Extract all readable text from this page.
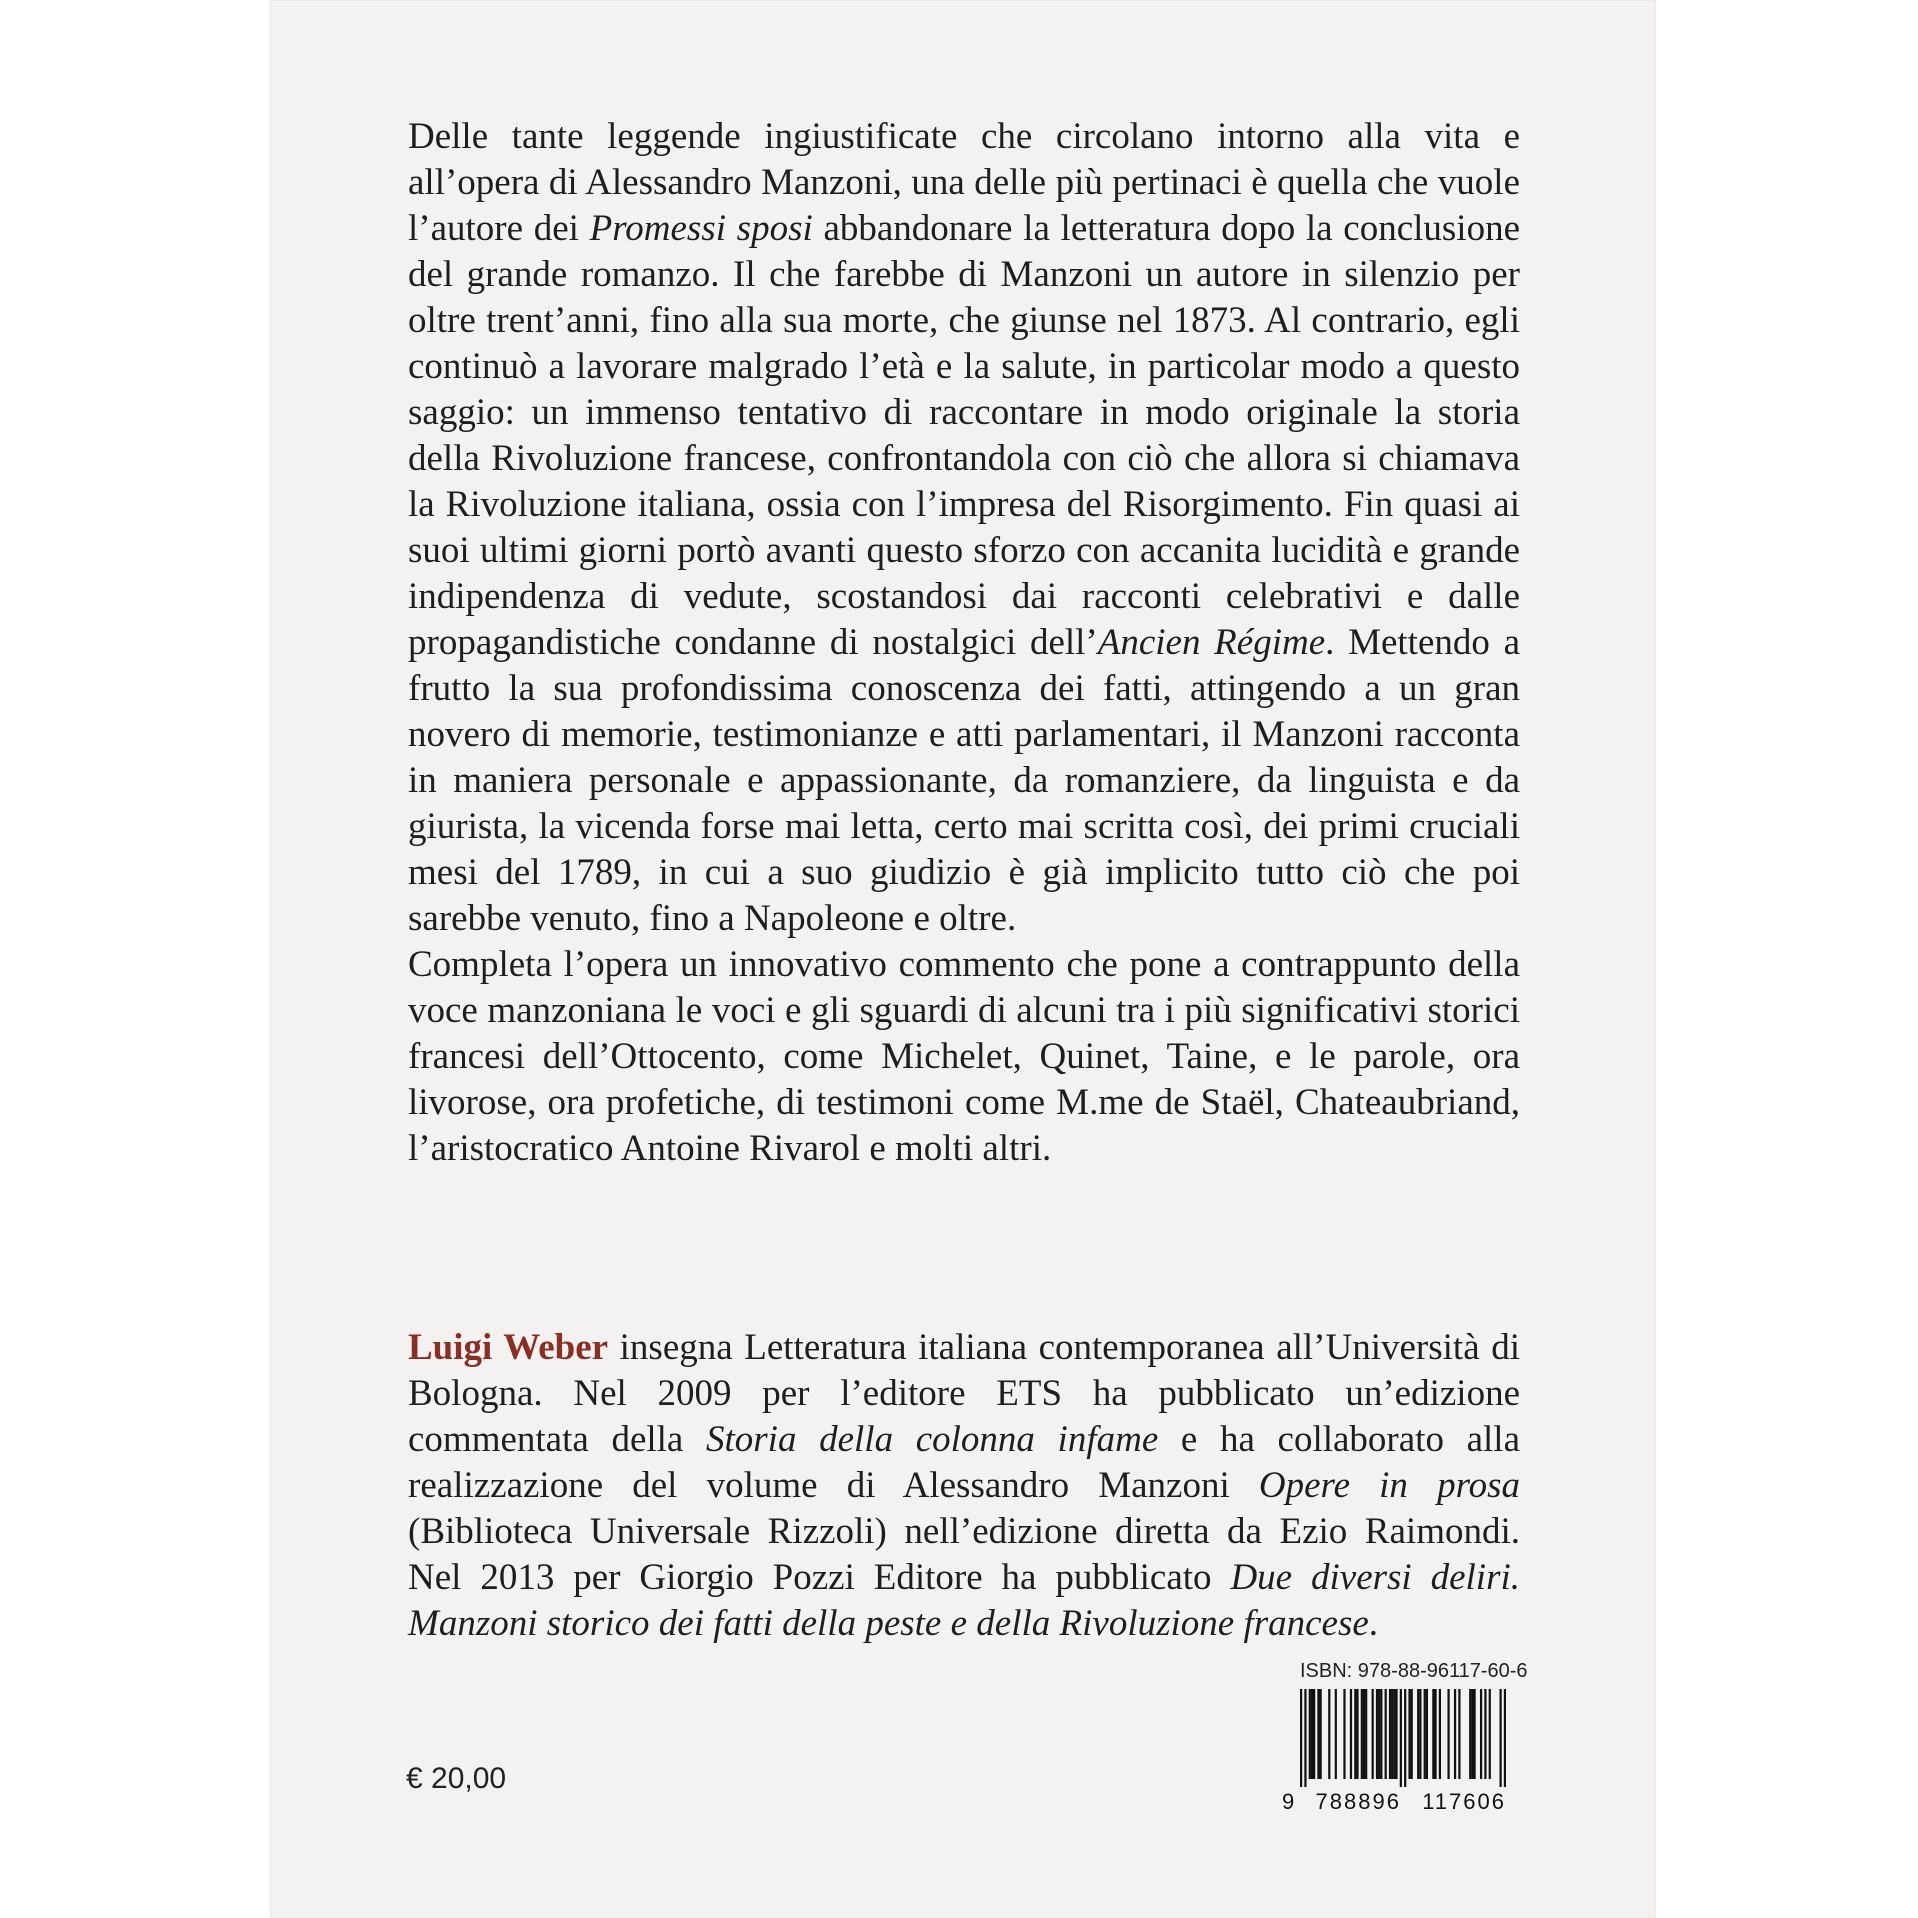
Delle tante leggende ingiustificate che circolano intorno alla vita e all’opera di Alessandro Manzoni, una delle più pertinaci è quella che vuole l’autore dei Promessi sposi abbandonare la letteratura dopo la conclusione del grande romanzo. Il che farebbe di Manzoni un autore in silenzio per oltre trent’anni, fino alla sua morte, che giunse nel 1873. Al contrario, egli continuò a lavorare malgrado l’età e la salute, in particolar modo a questo saggio: un immenso tentativo di raccontare in modo originale la storia della Rivoluzione francese, confrontandola con ciò che allora si chiamava la Rivoluzione italiana, ossia con l’impresa del Risorgimento. Fin quasi ai suoi ultimi giorni portò avanti questo sforzo con accanita lucidità e grande indipendenza di vedute, scostandosi dai racconti celebrativi e dalle propagandistiche condanne di nostalgici dell’Ancien Régime. Mettendo a frutto la sua profondissima conoscenza dei fatti, attingendo a un gran novero di memorie, testimonianze e atti parlamentari, il Manzoni racconta in maniera personale e appassionante, da romanziere, da linguista e da giurista, la vicenda forse mai letta, certo mai scritta così, dei primi cruciali mesi del 1789, in cui a suo giudizio è già implicito tutto ciò che poi sarebbe venuto, fino a Napoleone e oltre.

Completa l’opera un innovativo commento che pone a contrappunto della voce manzoniana le voci e gli sguardi di alcuni tra i più significativi storici francesi dell’Ottocento, come Michelet, Quinet, Taine, e le parole, ora livorose, ora profetiche, di testimoni come M.me de Staël, Chateaubriand, l’aristocratico Antoine Rivarol e molti altri.

Luigi Weber insegna Letteratura italiana contemporanea all’Università di Bologna. Nel 2009 per l’editore ETS ha pubblicato un’edizione commentata della Storia della colonna infame e ha collaborato alla realizzazione del volume di Alessandro Manzoni Opere in prosa (Biblioteca Universale Rizzoli) nell’edizione diretta da Ezio Raimondi. Nel 2013 per Giorgio Pozzi Editore ha pubblicato Due diversi deliri. Manzoni storico dei fatti della peste e della Rivoluzione francese.

ISBN: 978-88-96117-60-6
9 788896 117606
€ 20,00
